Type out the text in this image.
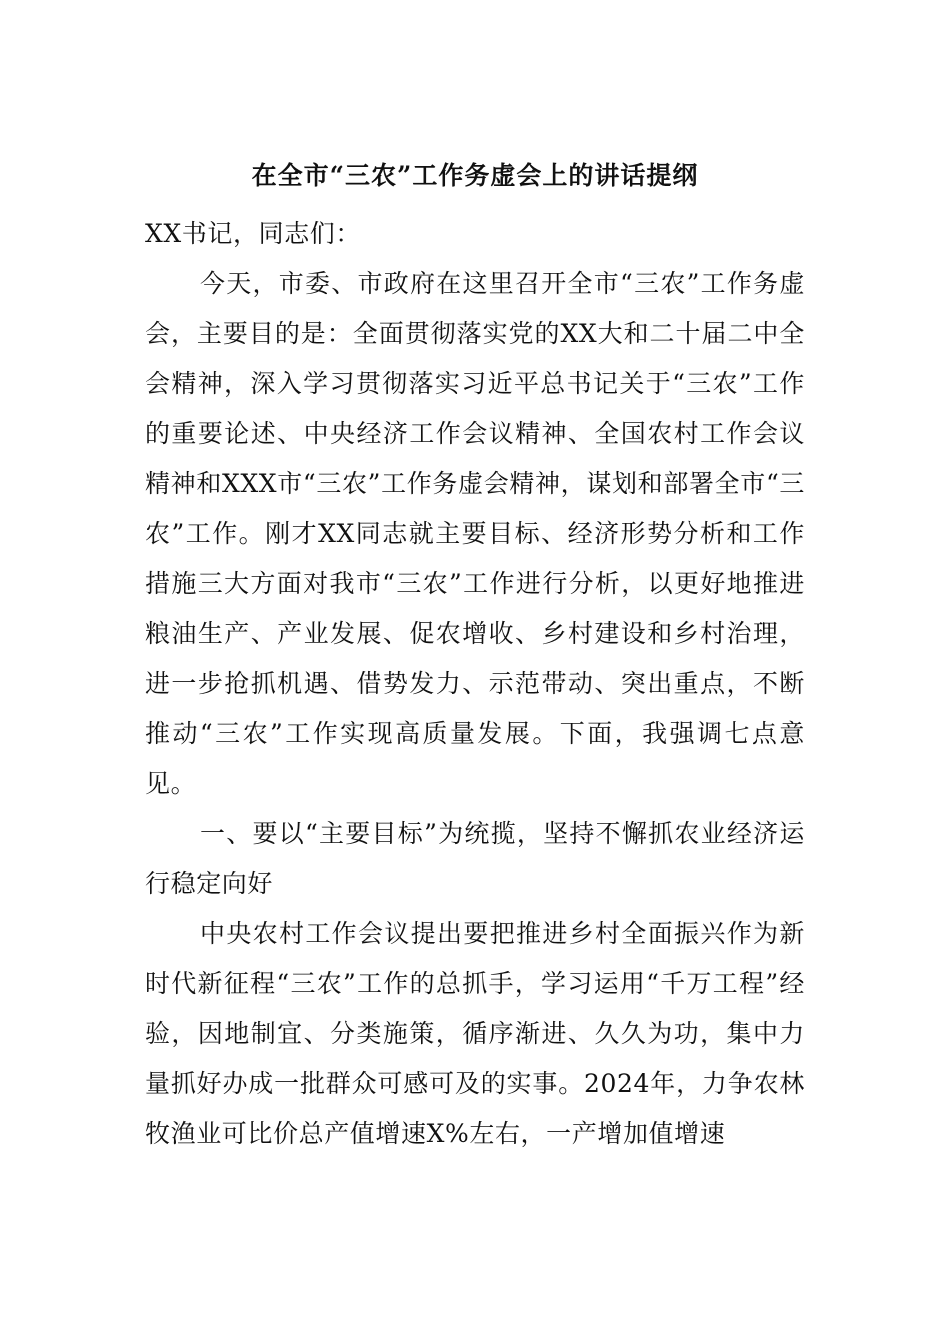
在全市“三农”工作务虚会上的讲话提纲

XX书记，同志们：

今天，市委、市政府在这里召开全市“三农”工作务虚会，主要目的是：全面贯彻落实党的XX大和二十届二中全会精神，深入学习贯彻落实习近平总书记关于“三农”工作的重要论述、中央经济工作会议精神、全国农村工作会议精神和XXX市“三农”工作务虚会精神，谋划和部署全市“三农”工作。刚才XX同志就主要目标、经济形势分析和工作措施三大方面对我市“三农”工作进行分析，以更好地推进粮油生产、产业发展、促农增收、乡村建设和乡村治理，进一步抢抓机遇、借势发力、示范带动、突出重点，不断推动“三农”工作实现高质量发展。下面，我强调七点意见。

一、要以“主要目标”为统揽，坚持不懈抓农业经济运行稳定向好

中央农村工作会议提出要把推进乡村全面振兴作为新时代新征程“三农”工作的总抓手，学习运用“千万工程”经验，因地制宜、分类施策，循序渐进、久久为功，集中力量抓好办成一批群众可感可及的实事。2024年，力争农林牧渔业可比价总产值增速X%左右，一产增加值增速
